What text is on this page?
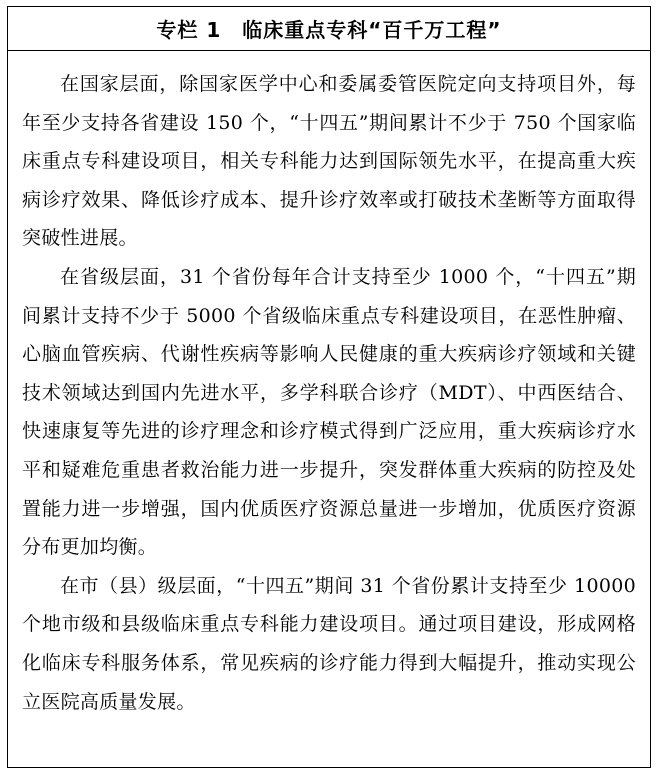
专栏 1　临床重点专科“百千万工程”

在国家层面，除国家医学中心和委属委管医院定向支持项目外，每年至少支持各省建设 150 个，“十四五”期间累计不少于 750 个国家临床重点专科建设项目，相关专科能力达到国际领先水平，在提高重大疾病诊疗效果、降低诊疗成本、提升诊疗效率或打破技术垄断等方面取得突破性进展。

在省级层面，31 个省份每年合计支持至少 1000 个，“十四五”期间累计支持不少于 5000 个省级临床重点专科建设项目，在恶性肿瘤、心脑血管疾病、代谢性疾病等影响人民健康的重大疾病诊疗领域和关键技术领域达到国内先进水平，多学科联合诊疗（MDT）、中西医结合、快速康复等先进的诊疗理念和诊疗模式得到广泛应用，重大疾病诊疗水平和疑难危重患者救治能力进一步提升，突发群体重大疾病的防控及处置能力进一步增强，国内优质医疗资源总量进一步增加，优质医疗资源分布更加均衡。

在市（县）级层面，“十四五”期间 31 个省份累计支持至少 10000 个地市级和县级临床重点专科能力建设项目。通过项目建设，形成网格化临床专科服务体系，常见疾病的诊疗能力得到大幅提升，推动实现公立医院高质量发展。
